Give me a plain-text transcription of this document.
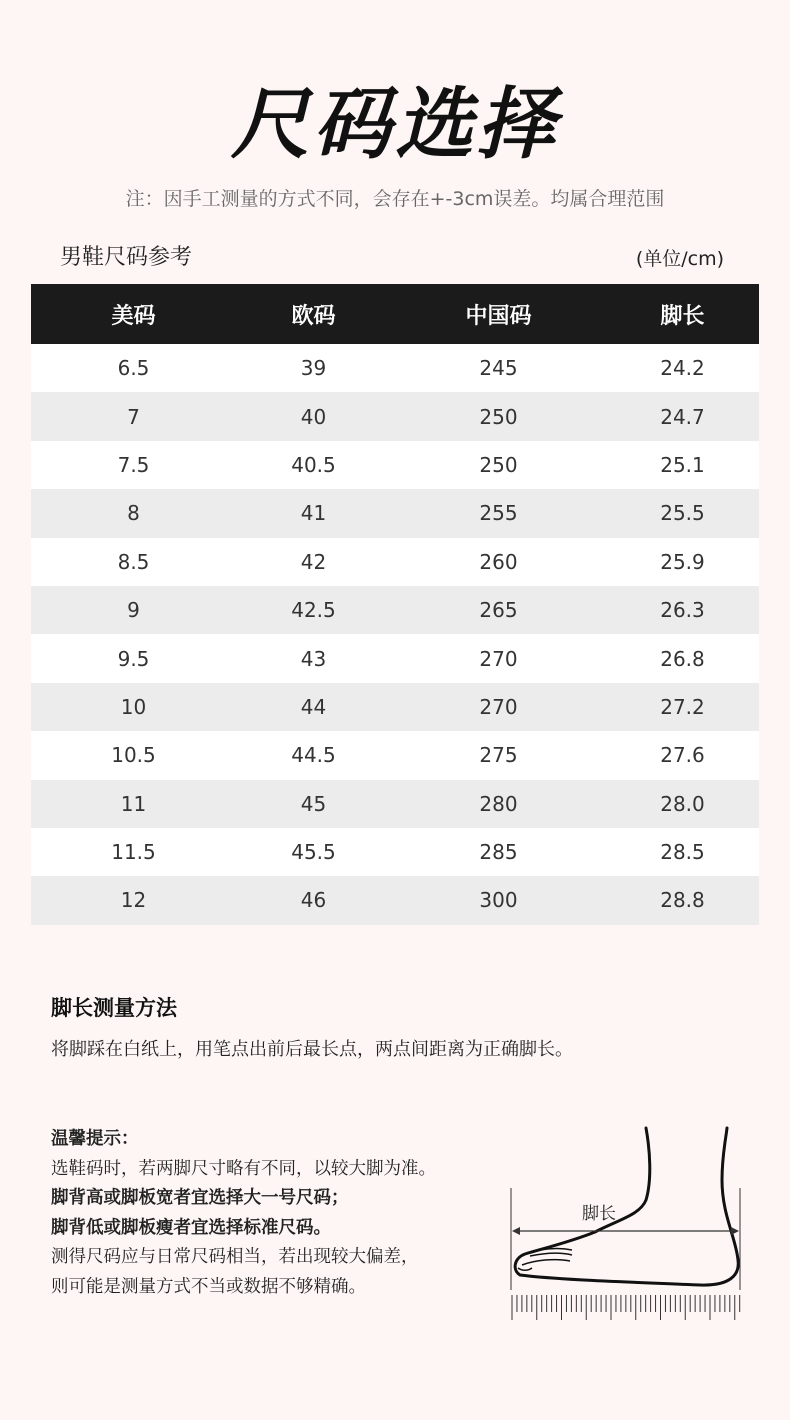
尺码选择
注：因手工测量的方式不同，会存在+-3cm误差。均属合理范围
男鞋尺码参考	(单位/cm)
美码	欧码	中国码	脚长
6.5	39	245	24.2
7	40	250	24.7
7.5	40.5	250	25.1
8	41	255	25.5
8.5	42	260	25.9
9	42.5	265	26.3
9.5	43	270	26.8
10	44	270	27.2
10.5	44.5	275	27.6
11	45	280	28.0
11.5	45.5	285	28.5
12	46	300	28.8
脚长测量方法
将脚踩在白纸上，用笔点出前后最长点，两点间距离为正确脚长。
温馨提示：
选鞋码时，若两脚尺寸略有不同，以较大脚为准。
脚背高或脚板宽者宜选择大一号尺码；
脚背低或脚板瘦者宜选择标准尺码。
测得尺码应与日常尺码相当，若出现较大偏差，
则可能是测量方式不当或数据不够精确。
脚长
